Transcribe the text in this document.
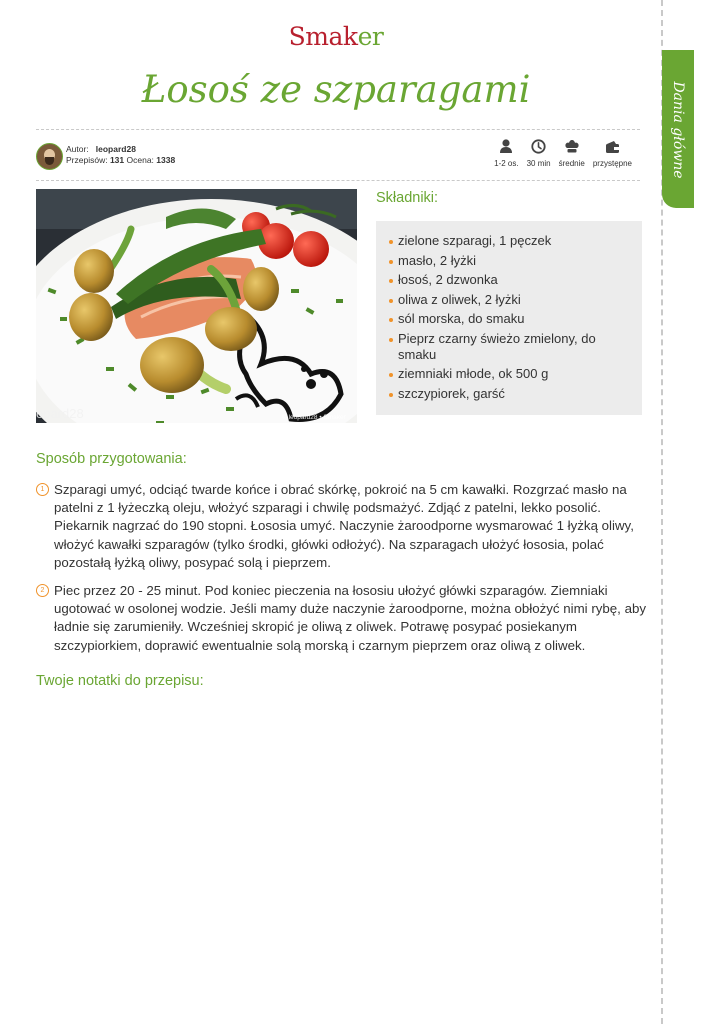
Dania główne
Smaker
Łosoś ze szparagami
Autor: leopard28
Przepisów: 131 Ocena: 1338	1-2 os. 30 min średnie przystępne
opard28	© leopard28 • Smaker
Składniki:
zielone szparagi, 1 pęczek
masło, 2 łyżki
łosoś, 2 dzwonka
oliwa z oliwek, 2 łyżki
sól morska, do smaku
Pieprz czarny świeżo zmielony, do smaku
ziemniaki młode, ok 500 g
szczypiorek, garść
Sposób przygotowania:
1 Szparagi umyć, odciąć twarde końce i obrać skórkę, pokroić na 5 cm kawałki. Rozgrzać masło na patelni z 1 łyżeczką oleju, włożyć szparagi i chwilę podsmażyć. Zdjąć z patelni, lekko posolić. Piekarnik nagrzać do 190 stopni. Łososia umyć. Naczynie żaroodporne wysmarować 1 łyżką oliwy, włożyć kawałki szparagów (tylko środki, główki odłożyć). Na szparagach ułożyć łososia, polać pozostałą łyżką oliwy, posypać solą i pieprzem.
2 Piec przez 20 - 25 minut. Pod koniec pieczenia na łososiu ułożyć główki szparagów. Ziemniaki ugotować w osolonej wodzie. Jeśli mamy duże naczynie żaroodporne, można obłożyć nimi rybę, aby ładnie się zarumieniły. Wcześniej skropić je oliwą z oliwek. Potrawę posypać posiekanym szczypiorkiem, doprawić ewentualnie solą morską i czarnym pieprzem oraz oliwą z oliwek.
Twoje notatki do przepisu:
